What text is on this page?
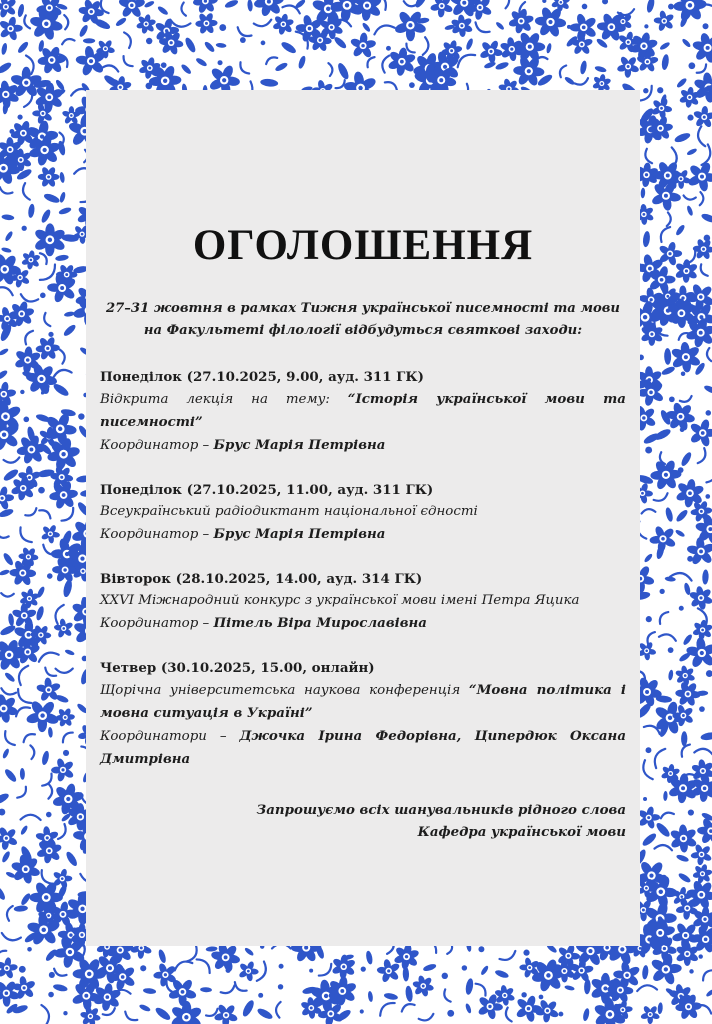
ОГОЛОШЕННЯ
27–31 жовтня в рамках Тижня української писемності та мови
на Факультеті філології відбудуться святкові заходи:
Понеділок (27.10.2025, 9.00, ауд. 311 ГК)
Відкрита лекція на тему: “Історія української мови та писемності”
Координатор – Брус Марія Петрівна
Понеділок (27.10.2025, 11.00, ауд. 311 ГК)
Всеукраїнський радіодиктант національної єдності
Координатор – Брус Марія Петрівна
Вівторок (28.10.2025, 14.00, ауд. 314 ГК)
XXVI Міжнародний конкурс з української мови імені Петра Яцика
Координатор – Пітель Віра Мирославівна
Четвер (30.10.2025, 15.00, онлайн)
Щорічна університетська наукова конференція “Мовна політика і мовна ситуація в Україні”
Координатори – Джочка Ірина Федорівна, Ципердюк Оксана Дмитрівна
Запрошуємо всіх шанувальників рідного слова
Кафедра української мови
